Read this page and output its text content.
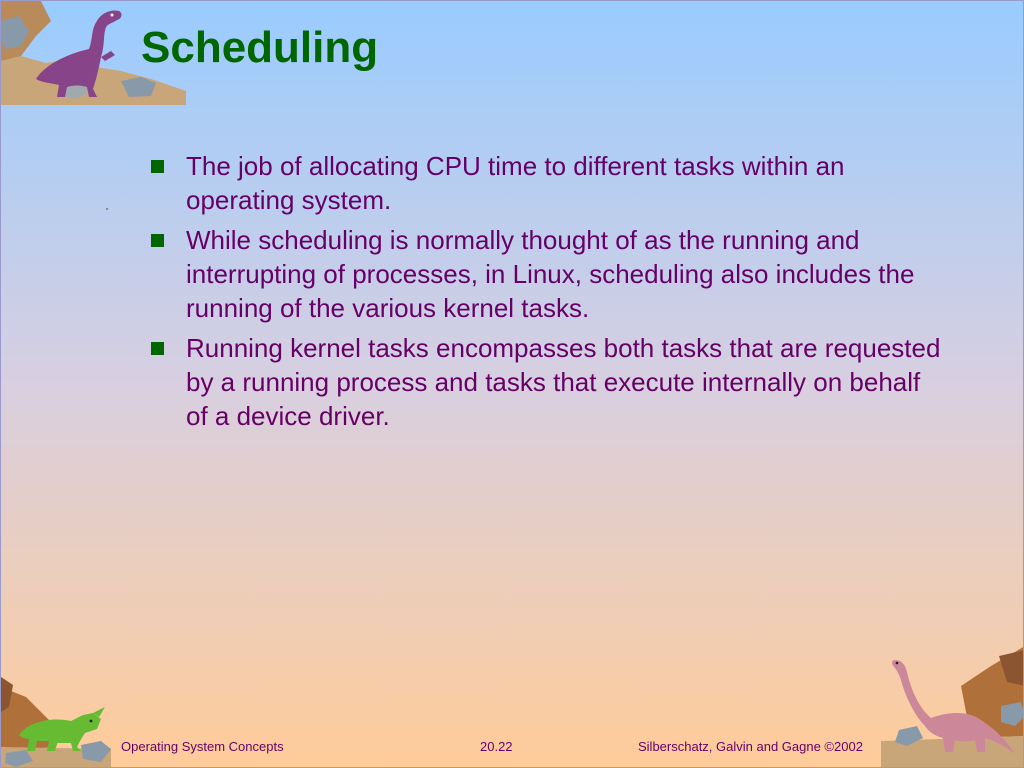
Scheduling
The job of allocating CPU time to different tasks within an operating system.
While scheduling is normally thought of as the running and interrupting of processes, in Linux, scheduling also includes the running of the various kernel tasks.
Running kernel tasks encompasses both tasks that are requested by a running process and tasks that execute internally on behalf of a device driver.
Operating System Concepts	20.22	Silberschatz, Galvin and Gagne ©2002
